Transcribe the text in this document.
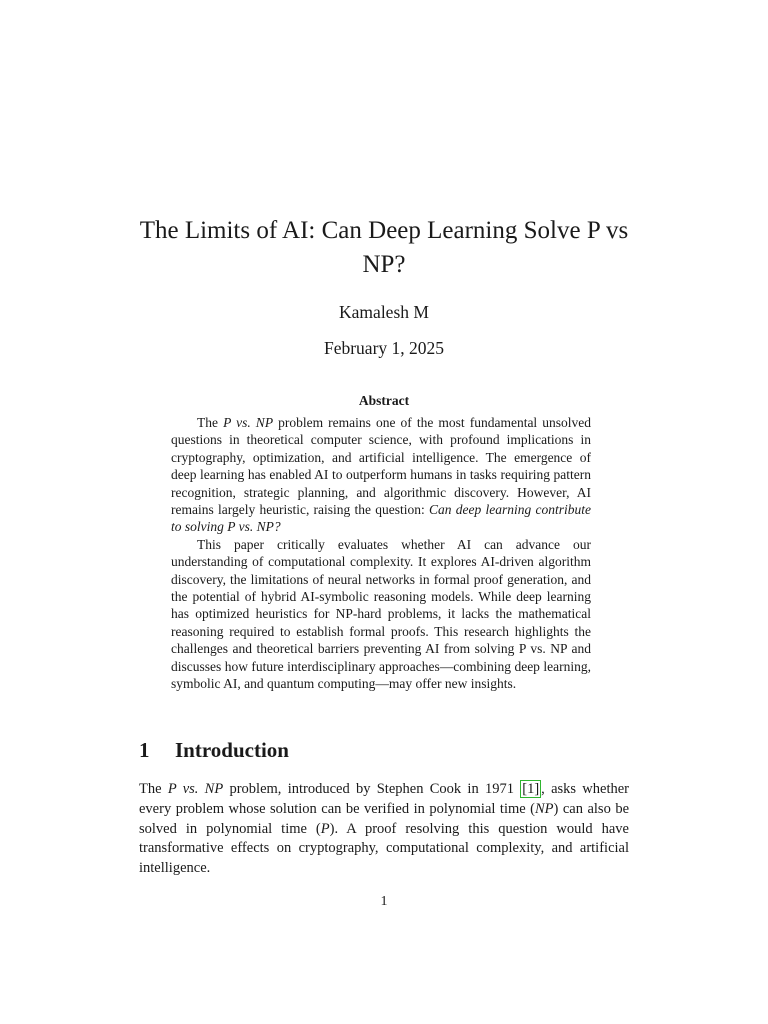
The Limits of AI: Can Deep Learning Solve P vs NP?
Kamalesh M
February 1, 2025
Abstract

The P vs. NP problem remains one of the most fundamental unsolved questions in theoretical computer science, with profound implications in cryptography, optimization, and artificial intelligence. The emergence of deep learning has enabled AI to outperform humans in tasks requiring pattern recognition, strategic planning, and algorithmic discovery. However, AI remains largely heuristic, raising the question: Can deep learning contribute to solving P vs. NP?

This paper critically evaluates whether AI can advance our understanding of computational complexity. It explores AI-driven algorithm discovery, the limitations of neural networks in formal proof generation, and the potential of hybrid AI-symbolic reasoning models. While deep learning has optimized heuristics for NP-hard problems, it lacks the mathematical reasoning required to establish formal proofs. This research highlights the challenges and theoretical barriers preventing AI from solving P vs. NP and discusses how future interdisciplinary approaches—combining deep learning, symbolic AI, and quantum computing—may offer new insights.

1 Introduction

The P vs. NP problem, introduced by Stephen Cook in 1971 [1] , asks whether every problem whose solution can be verified in polynomial time (NP) can also be solved in polynomial time (P). A proof resolving this question would have transformative effects on cryptography, computational complexity, and artificial intelligence.

1
